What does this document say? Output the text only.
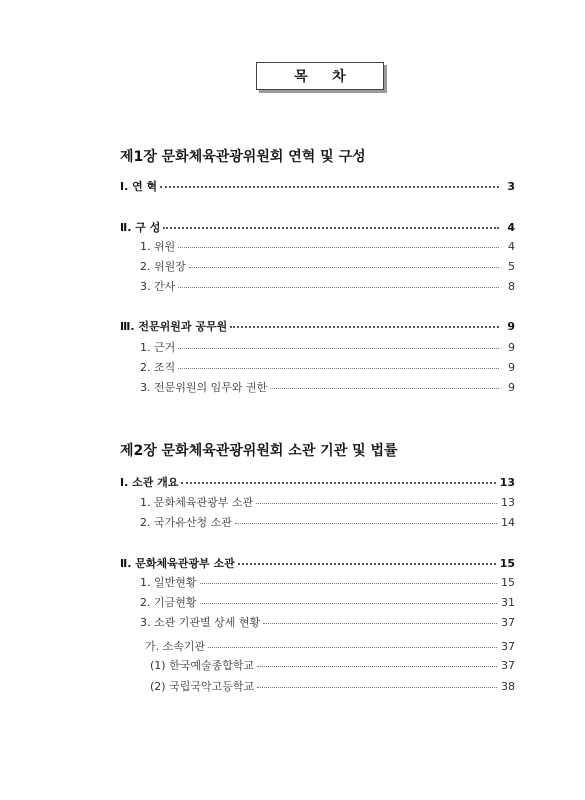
목     차
제1장 문화체육관광위원회 연혁 및 구성
Ⅰ. 연 혁	3
Ⅱ. 구 성	4
1. 위원	4
2. 위원장	5
3. 간사	8
Ⅲ. 전문위원과 공무원	9
1. 근거	9
2. 조직	9
3. 전문위원의 임무와 권한	9
제2장 문화체육관광위원회 소관 기관 및 법률
Ⅰ. 소관 개요	13
1. 문화체육관광부 소관	13
2. 국가유산청 소관	14
Ⅱ. 문화체육관광부 소관	15
1. 일반현황	15
2. 기금현황	31
3. 소관 기관별 상세 현황	37
가. 소속기관	37
(1) 한국예술종합학교	37
(2) 국립국악고등학교	38
